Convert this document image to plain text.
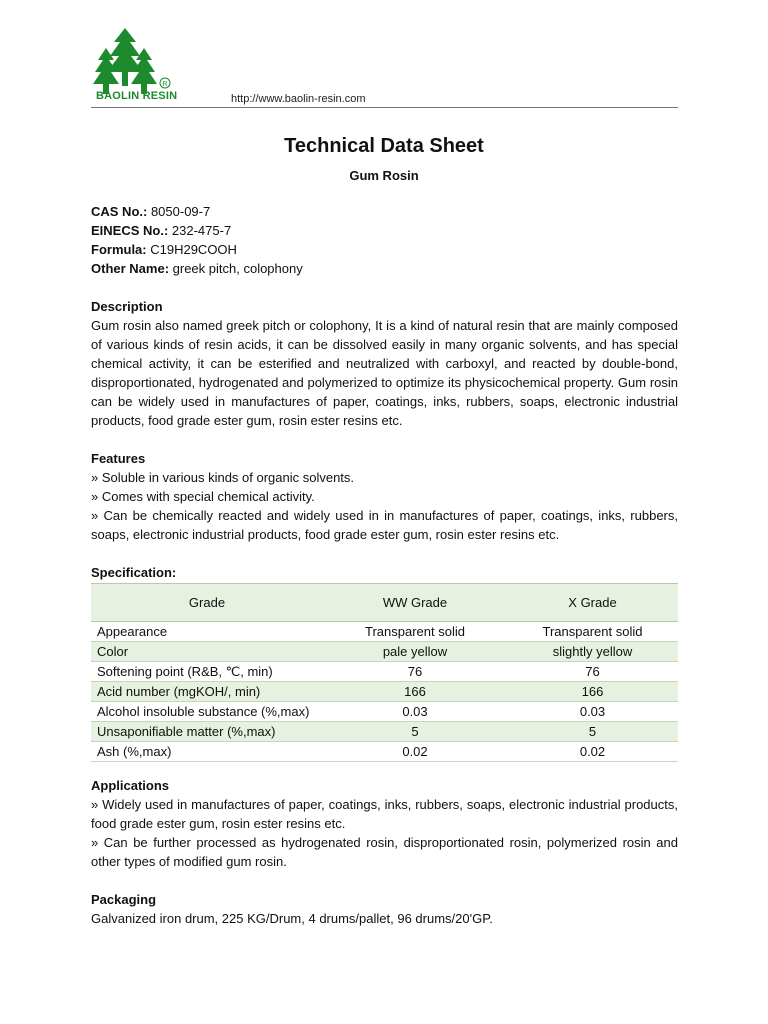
R
BAOLIN RESIN	http://www.baolin-resin.com
Technical Data Sheet
Gum Rosin
CAS No.: 8050-09-7
EINECS No.: 232-475-7
Formula: C19H29COOH
Other Name: greek pitch, colophony
Description
Gum rosin also named greek pitch or colophony, It is a kind of natural resin that are mainly composed of various kinds of resin acids, it can be dissolved easily in many organic solvents, and has special chemical activity, it can be esterified and neutralized with carboxyl, and reacted by double-bond, disproportionated, hydrogenated and polymerized to optimize its physicochemical property. Gum rosin can be widely used in manufactures of paper, coatings, inks, rubbers, soaps, electronic industrial products, food grade ester gum, rosin ester resins etc.
Features
» Soluble in various kinds of organic solvents.
» Comes with special chemical activity.
» Can be chemically reacted and widely used in in manufactures of paper, coatings, inks, rubbers, soaps, electronic industrial products, food grade ester gum, rosin ester resins etc.
Specification:
Grade	WW Grade	X Grade
Appearance	Transparent solid	Transparent solid
Color	pale yellow	slightly yellow
Softening point (R&B, ℃, min)	76	76
Acid number (mgKOH/, min)	166	166
Alcohol insoluble substance (%,max)	0.03	0.03
Unsaponifiable matter (%,max)	5	5
Ash (%,max)	0.02	0.02
Applications
» Widely used in manufactures of paper, coatings, inks, rubbers, soaps, electronic industrial products, food grade ester gum, rosin ester resins etc.
» Can be further processed as hydrogenated rosin, disproportionated rosin, polymerized rosin and other types of modified gum rosin.
Packaging
Galvanized iron drum, 225 KG/Drum, 4 drums/pallet, 96 drums/20'GP.
